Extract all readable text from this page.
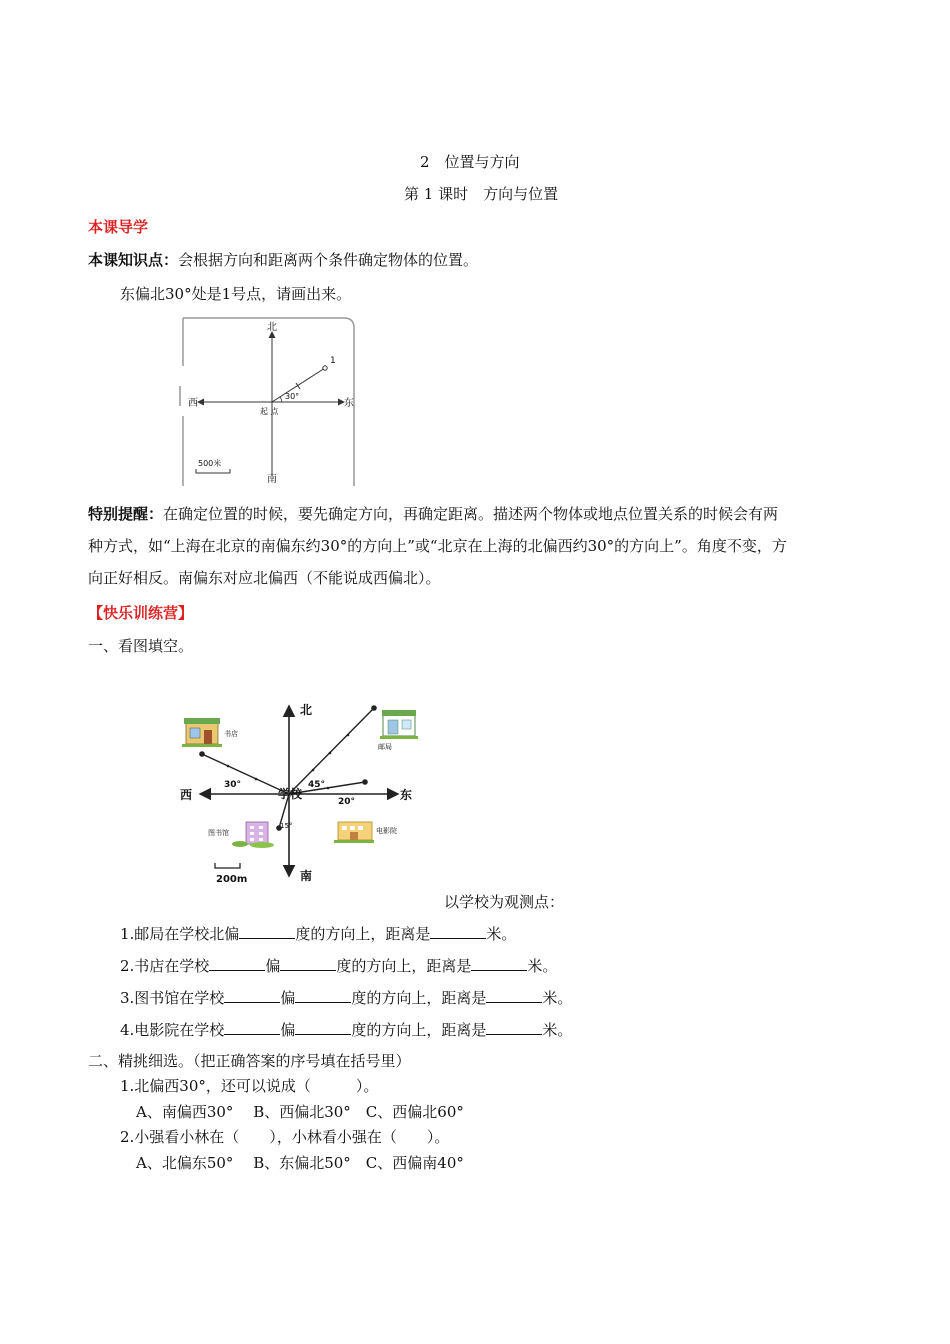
2　位置与方向
第 1 课时　方向与位置
本课导学
本课知识点：会根据方向和距离两个条件确定物体的位置。
东偏北30°处是1号点，请画出来。
北
南
东
西
起 点
30°
1
500米
特别提醒：在确定位置的时候，要先确定方向，再确定距离。描述两个物体或地点位置关系的时候会有两
种方式，如“上海在北京的南偏东约30°的方向上”或“北京在上海的北偏西约30°的方向上”。角度不变，方
向正好相反。南偏东对应北偏西（不能说成西偏北）。
【快乐训练营】
一、看图填空。
北
南
东
西	学校
书店
邮局
图书馆	电影院
30°	45°
20°
15°
200m
以学校为观测点：
1.邮局在学校北偏	度的方向上，距离是	米。
2.书店在学校	偏	度的方向上，距离是	米。
3.图书馆在学校	偏	度的方向上，距离是	米。
4.电影院在学校	偏	度的方向上，距离是	米。
二、精挑细选。（把正确答案的序号填在括号里）
1.北偏西30°，还可以说成（　　　）。
A、南偏西30°　 B、西偏北30°　C、西偏北60°
2.小强看小林在（　　），小林看小强在（　　）。
A、北偏东50°　 B、东偏北50°　C、西偏南40°
